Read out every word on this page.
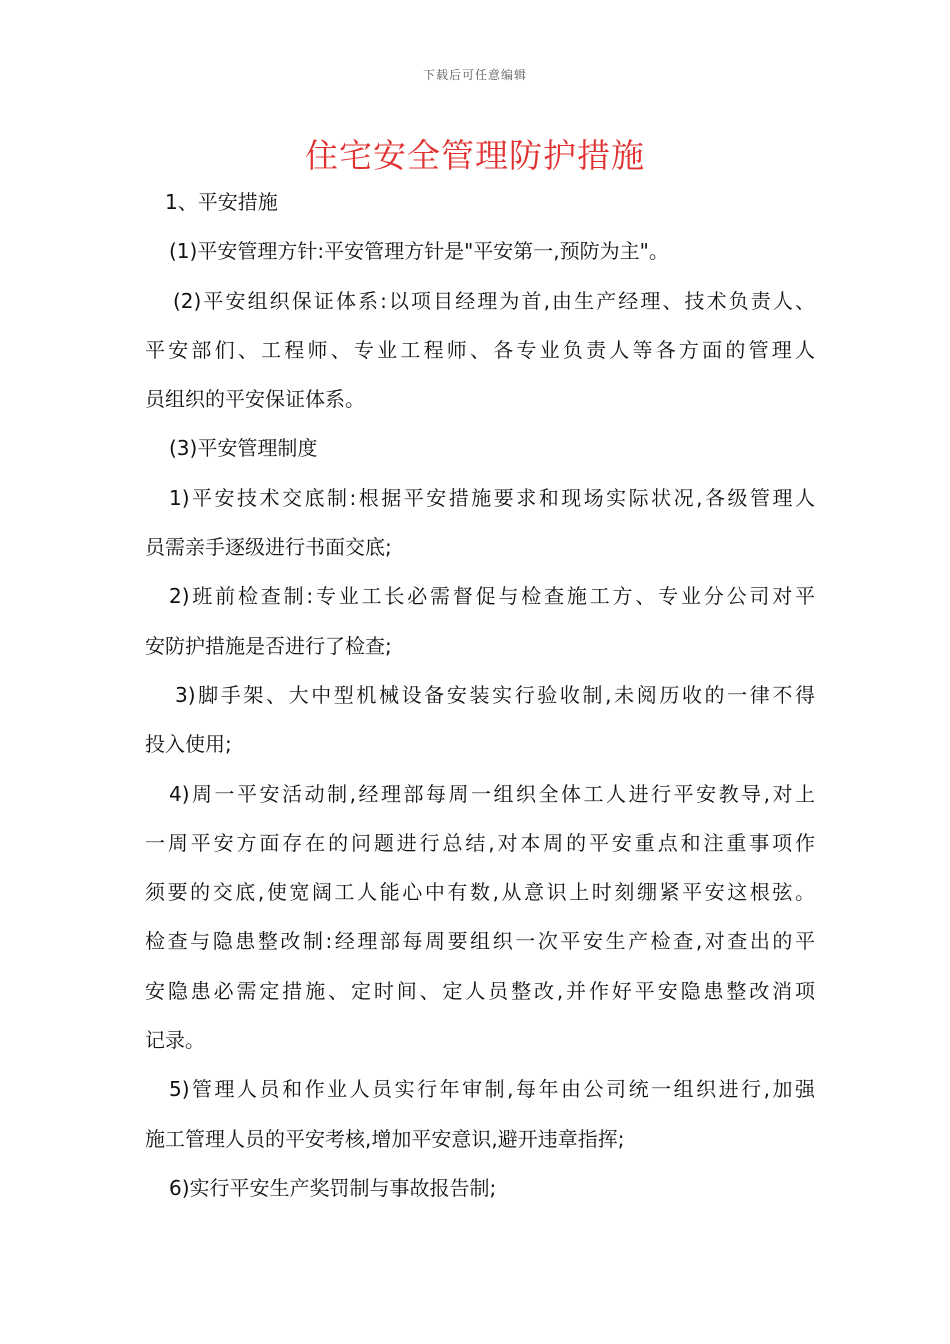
下载后可任意编辑
住宅安全管理防护措施
1、平安措施
(1)平安管理方针:平安管理方针是"平安第一,预防为主"。
(2)平安组织保证体系:以项目经理为首,由生产经理、技术负责人、
平安部们、工程师、专业工程师、各专业负责人等各方面的管理人
员组织的平安保证体系。
(3)平安管理制度
1)平安技术交底制:根据平安措施要求和现场实际状况,各级管理人
员需亲手逐级进行书面交底;
2)班前检查制:专业工长必需督促与检查施工方、专业分公司对平
安防护措施是否进行了检查;
3)脚手架、大中型机械设备安装实行验收制,未阅历收的一律不得
投入使用;
4)周一平安活动制,经理部每周一组织全体工人进行平安教导,对上
一周平安方面存在的问题进行总结,对本周的平安重点和注重事项作
须要的交底,使宽阔工人能心中有数,从意识上时刻绷紧平安这根弦。
检查与隐患整改制:经理部每周要组织一次平安生产检查,对查出的平
安隐患必需定措施、定时间、定人员整改,并作好平安隐患整改消项
记录。
5)管理人员和作业人员实行年审制,每年由公司统一组织进行,加强
施工管理人员的平安考核,增加平安意识,避开违章指挥;
6)实行平安生产奖罚制与事故报告制;
